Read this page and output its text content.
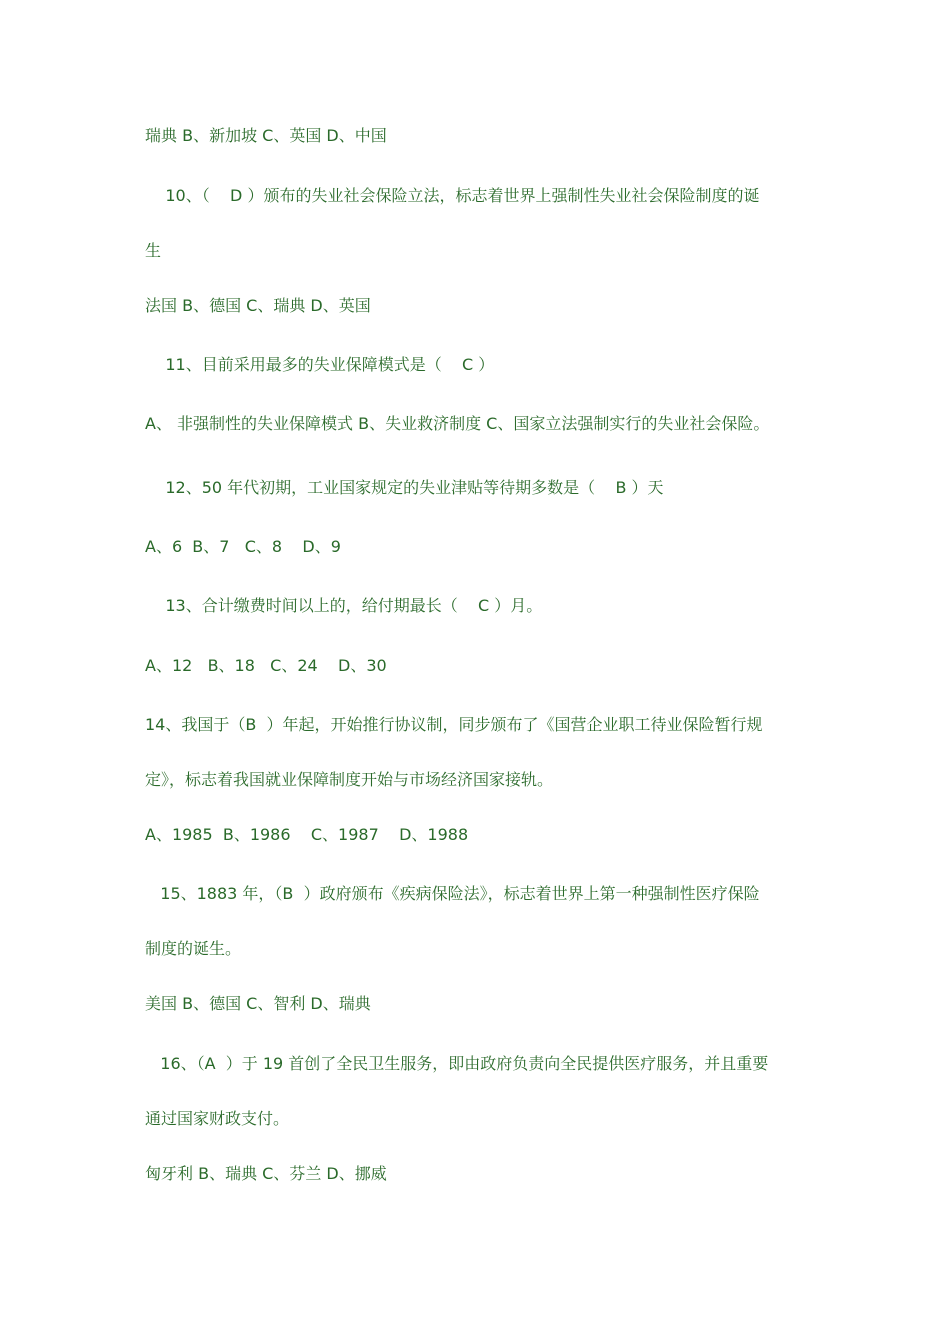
瑞典 B、新加坡 C、英国 D、中国
10、（    D ）颁布的失业社会保险立法，标志着世界上强制性失业社会保险制度的诞
生
法国 B、德国 C、瑞典 D、英国
11、目前采用最多的失业保障模式是（    C ）
A、 非强制性的失业保障模式 B、失业救济制度 C、国家立法强制实行的失业社会保险。
12、50 年代初期，工业国家规定的失业津贴等待期多数是（    B ）天
A、6  B、7   C、8    D、9
13、合计缴费时间以上的，给付期最长（    C ）月。
A、12   B、18   C、24    D、30
14、我国于（B  ）年起，开始推行协议制，同步颁布了《国营企业职工待业保险暂行规
定》，标志着我国就业保障制度开始与市场经济国家接轨。
A、1985  B、1986    C、1987    D、1988
15、1883 年，（B  ）政府颁布《疾病保险法》，标志着世界上第一种强制性医疗保险
制度的诞生。
美国 B、德国 C、智利 D、瑞典
16、（A  ）于 19 首创了全民卫生服务，即由政府负责向全民提供医疗服务，并且重要
通过国家财政支付。
匈牙利 B、瑞典 C、芬兰 D、挪威
